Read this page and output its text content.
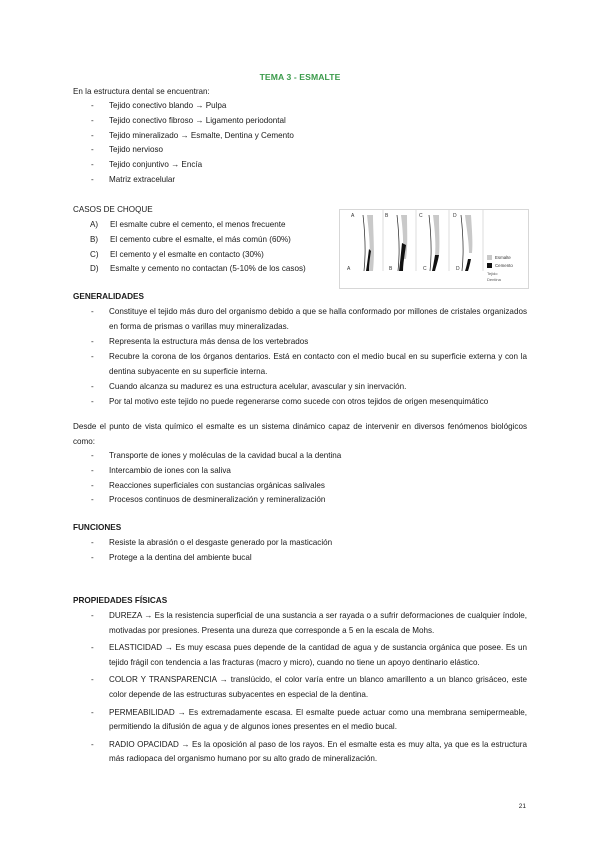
TEMA 3 - ESMALTE
En la estructura dental se encuentran:
- Tejido conectivo blando → Pulpa
- Tejido conectivo fibroso → Ligamento periodontal
- Tejido mineralizado → Esmalte, Dentina y Cemento
- Tejido nervioso
- Tejido conjuntivo → Encía
- Matriz extracelular
CASOS DE CHOQUE
A) El esmalte cubre el cemento, el menos frecuente
B) El cemento cubre el esmalte, el más común (60%)
C) El cemento y el esmalte en contacto (30%)
D) Esmalte y cemento no contactan (5-10% de los casos)
A	B	C	D
A	B	C	D
Esmalte
Cemento
Tejido
Dentina
GENERALIDADES
- Constituye el tejido más duro del organismo debido a que se halla conformado por millones de cristales organizados en forma de prismas o varillas muy mineralizadas.
- Representa la estructura más densa de los vertebrados
- Recubre la corona de los órganos dentarios. Está en contacto con el medio bucal en su superficie externa y con la dentina subyacente en su superficie interna.
- Cuando alcanza su madurez es una estructura acelular, avascular y sin inervación.
- Por tal motivo este tejido no puede regenerarse como sucede con otros tejidos de origen mesenquimático
Desde el punto de vista químico el esmalte es un sistema dinámico capaz de intervenir en diversos fenómenos biológicos como:
- Transporte de iones y moléculas de la cavidad bucal a la dentina
- Intercambio de iones con la saliva
- Reacciones superficiales con sustancias orgánicas salivales
- Procesos continuos de desmineralización y remineralización
FUNCIONES
- Resiste la abrasión o el desgaste generado por la masticación
- Protege a la dentina del ambiente bucal
PROPIEDADES FÍSICAS
- DUREZA → Es la resistencia superficial de una sustancia a ser rayada o a sufrir deformaciones de cualquier índole, motivadas por presiones. Presenta una dureza que corresponde a 5 en la escala de Mohs.
- ELASTICIDAD → Es muy escasa pues depende de la cantidad de agua y de sustancia orgánica que posee. Es un tejido frágil con tendencia a las fracturas (macro y micro), cuando no tiene un apoyo dentinario elástico.
- COLOR Y TRANSPARENCIA → translúcido, el color varía entre un blanco amarillento a un blanco grisáceo, este color depende de las estructuras subyacentes en especial de la dentina.
- PERMEABILIDAD → Es extremadamente escasa. El esmalte puede actuar como una membrana semipermeable, permitiendo la difusión de agua y de algunos iones presentes en el medio bucal.
- RADIO OPACIDAD → Es la oposición al paso de los rayos. En el esmalte esta es muy alta, ya que es la estructura más radiopaca del organismo humano por su alto grado de mineralización.
21
